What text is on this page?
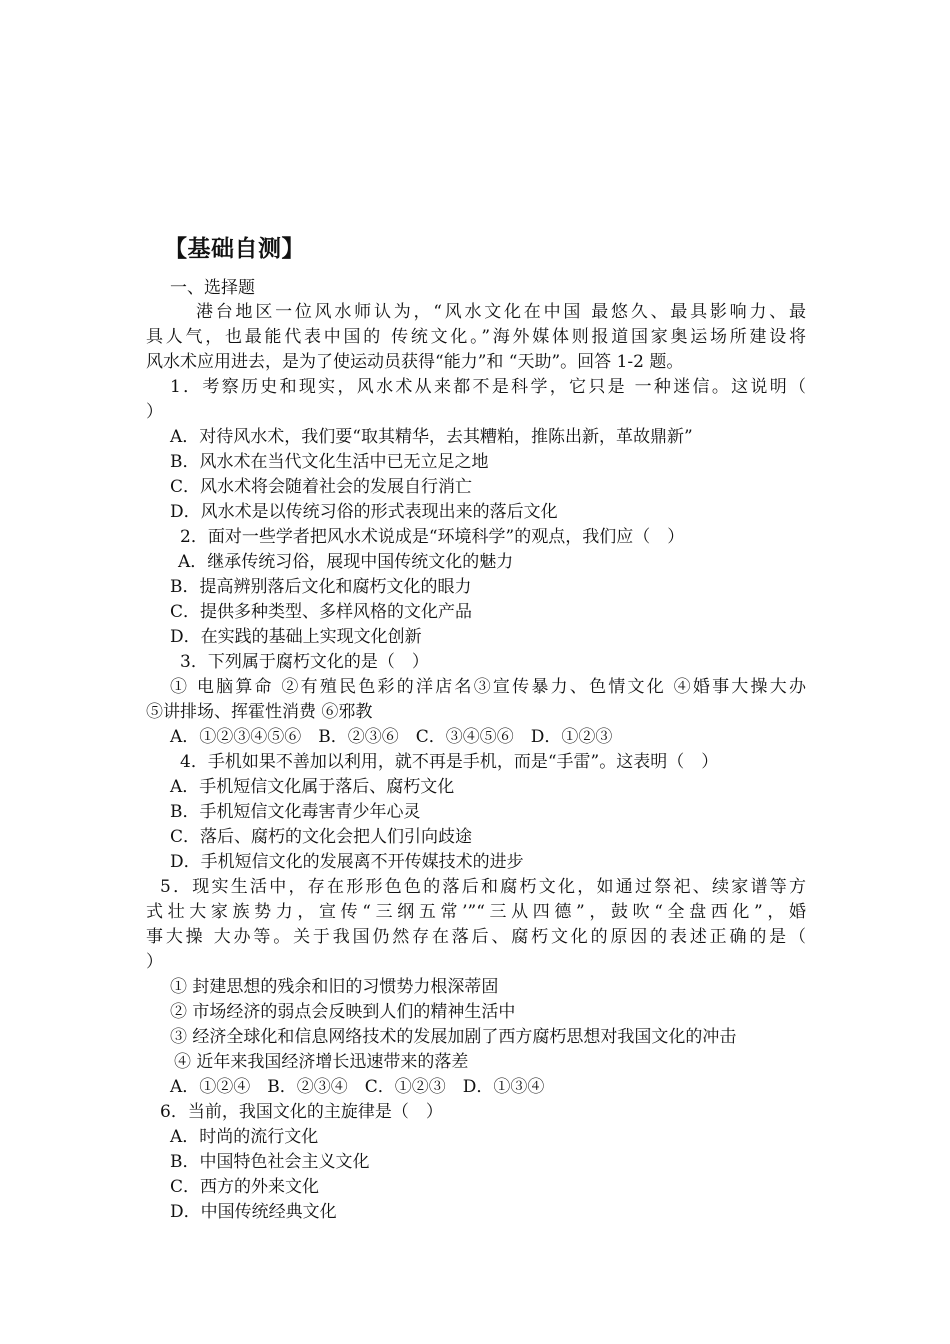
【基础自测】
一、选择题
港台地区一位风水师认为，“风水文化在中国 最悠久、最具影响力、最
具人气，也最能代表中国的 传统文化。”海外媒体则报道国家奥运场所建设将
风水术应用进去，是为了使运动员获得“能力”和 “天助”。回答 1-2 题。
1．考察历史和现实，风水术从来都不是科学，它只是 一种迷信。这说明（
）
A．对待风水术，我们要“取其精华，去其糟粕，推陈出新，革故鼎新”
B．风水术在当代文化生活中已无立足之地
C．风水术将会随着社会的发展自行消亡
D．风水术是以传统习俗的形式表现出来的落后文化
2．面对一些学者把风水术说成是“环境科学”的观点，我们应（　）
A．继承传统习俗，展现中国传统文化的魅力
B．提高辨别落后文化和腐朽文化的眼力
C．提供多种类型、多样风格的文化产品
D．在实践的基础上实现文化创新
3．下列属于腐朽文化的是（　）
① 电脑算命 ②有殖民色彩的洋店名③宣传暴力、色情文化 ④婚事大操大办
⑤讲排场、挥霍性消费 ⑥邪教
A．①②③④⑤⑥　B．②③⑥　C．③④⑤⑥　D．①②③
4．手机如果不善加以利用，就不再是手机，而是“手雷”。这表明（　）
A．手机短信文化属于落后、腐朽文化
B．手机短信文化毒害青少年心灵
C．落后、腐朽的文化会把人们引向歧途
D．手机短信文化的发展离不开传媒技术的进步
5．现实生活中，存在形形色色的落后和腐朽文化，如通过祭祀、续家谱等方
式壮大家族势力，宣传“三纲五常’”“三从四德”，鼓吹“全盘西化”，婚
事大操 大办等。关于我国仍然存在落后、腐朽文化的原因的表述正确的是（
）
① 封建思想的残余和旧的习惯势力根深蒂固
② 市场经济的弱点会反映到人们的精神生活中
③ 经济全球化和信息网络技术的发展加剧了西方腐朽思想对我国文化的冲击
④ 近年来我国经济增长迅速带来的落差
A．①②④　B．②③④　C．①②③　D．①③④
6．当前，我国文化的主旋律是（　）
A．时尚的流行文化
B．中国特色社会主义文化
C．西方的外来文化
D．中国传统经典文化
